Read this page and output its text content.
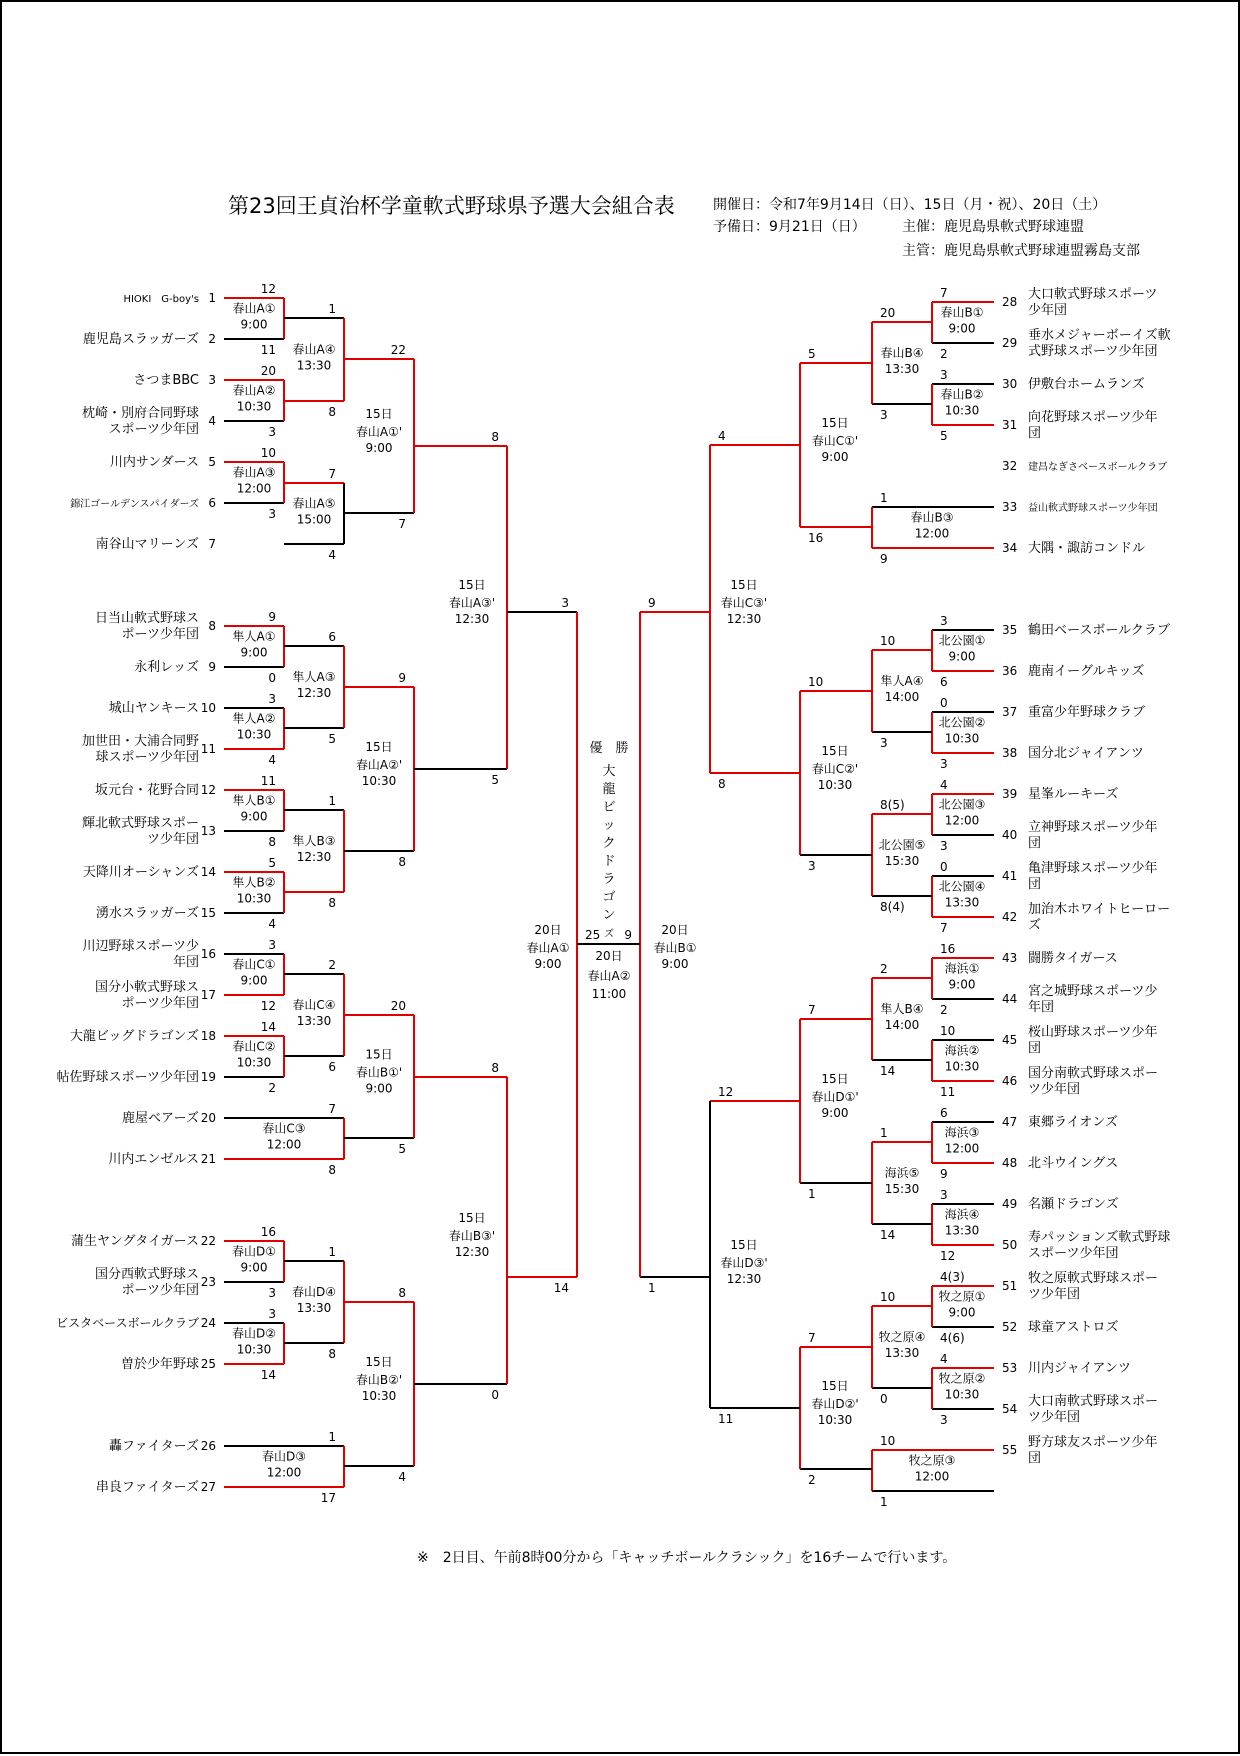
第23回王貞治杯学童軟式野球県予選大会組合表	開催日：令和7年9月14日（日）、15日（月・祝）、20日（土）
予備日：9月21日（日）	主催：鹿児島県軟式野球連盟
主管：鹿児島県軟式野球連盟霧島支部
1
HIOKI　G-boy's
2
鹿児島スラッガーズ
3
さつまBBC
4
枕崎・別府合同野球
スポーツ少年団
5
川内サンダース
6
錦江ゴールデンスパイダーズ
7
南谷山マリーンズ
8
日当山軟式野球ス
ポーツ少年団
9
永利レッズ
10
城山ヤンキース
11
加世田・大浦合同野
球スポーツ少年団
12
坂元台・花野合同
13
輝北軟式野球スポー
ツ少年団
14
天降川オーシャンズ
15
湧水スラッガーズ
16
川辺野球スポーツ少
年団
17
国分小軟式野球ス
ポーツ少年団
18
大龍ビッグドラゴンズ
19
帖佐野球スポーツ少年団
20
鹿屋ベアーズ
21
川内エンゼルス
22
蒲生ヤングタイガース
23
国分西軟式野球ス
ポーツ少年団
24
ビスタベースボールクラブ
25
曽於少年野球
26
轟ファイターズ
27
串良ファイターズ
28 大口軟式野球スポーツ
少年団
29 垂水メジャーボーイズ軟
式野球スポーツ少年団
30 伊敷台ホームランズ
31 向花野球スポーツ少年
団
32 建昌なぎさベースボールクラブ
33 益山軟式野球スポーツ少年団
34 大隅・諏訪コンドル
35 鶴田ベースボールクラブ
36 鹿南イーグルキッズ
37 重富少年野球クラブ
38 国分北ジャイアンツ
39 星峯ルーキーズ
40 立神野球スポーツ少年
団
41 亀津野球スポーツ少年
団
42 加治木ホワイトヒーロー
ズ
43 闘勝タイガース
44 宮之城野球スポーツ少
年団
45 桜山野球スポーツ少年
団
46 国分南軟式野球スポー
ツ少年団
47 東郷ライオンズ
48 北斗ウイングス
49 名瀬ドラゴンズ
50 寿パッションズ軟式野球
スポーツ少年団
51 牧之原軟式野球スポー
ツ少年団
52 球童アストロズ
53 川内ジャイアンツ
54 大口南軟式野球スポー
ツ少年団
55 野方球友スポーツ少年
団
12
11
春山A①
9:00
20
3
春山A②
10:30
10
3
春山A③
12:00
9
0
隼人A①
9:00
3
4
隼人A②
10:30
11
8
隼人B①
9:00
5
4
隼人B②
10:30
3
12
春山C①
9:00
14
2
春山C②
10:30
16
3
春山D①
9:00
3
14
春山D②
10:30
1
8
春山A④
13:30
7
4
春山A⑤
15:00
6
5
隼人A③
12:30
1
8
隼人B③
12:30
2
6
春山C④
13:30
7
8
春山C③
12:00
1
8
春山D④
13:30
1
17
春山D③
12:00
22
7
15日
春山A①'
9:00
9
8
15日
春山A②'
10:30
20
5
15日
春山B①'
9:00
8
4
15日
春山B②'
10:30
8
5
15日
春山A③'
12:30
8
0
15日
春山B③'
12:30
3
14
20日
春山A①
9:00
7
2
春山B①
9:00
3
5
春山B②
10:30
3
6
北公園①
9:00
0
3
北公園②
10:30
4
3
北公園③
12:00
0
7
北公園④
13:30
16
2
海浜①
9:00
10
11
海浜②
10:30
6
9
海浜③
12:00
3
12
海浜④
13:30
4(3)
4(6)
牧之原①
9:00
4
3
牧之原②
10:30
20
3
春山B④
13:30
1
9
春山B③
12:00
10
3
隼人A④
14:00
8(5)
8(4)
北公園⑤
15:30
2
14
隼人B④
14:00
1
14
海浜⑤
15:30
10
0
牧之原④
13:30
10
1
牧之原③
12:00
5
16
15日
春山C①'
9:00
10
3
15日
春山C②'
10:30
7
1
15日
春山D①'
9:00
7
2
15日
春山D②'
10:30
4
8
15日
春山C③'
12:30
12
11
15日
春山D③'
12:30
9
1
20日
春山B①
9:00
25 9
20日
春山A②
11:00
優　勝
大
龍
ビ
ッ
ク
ド
ラ
ゴ
ン
ズ
※　2日目、午前8時00分から「キャッチボールクラシック」を16チームで行います。
